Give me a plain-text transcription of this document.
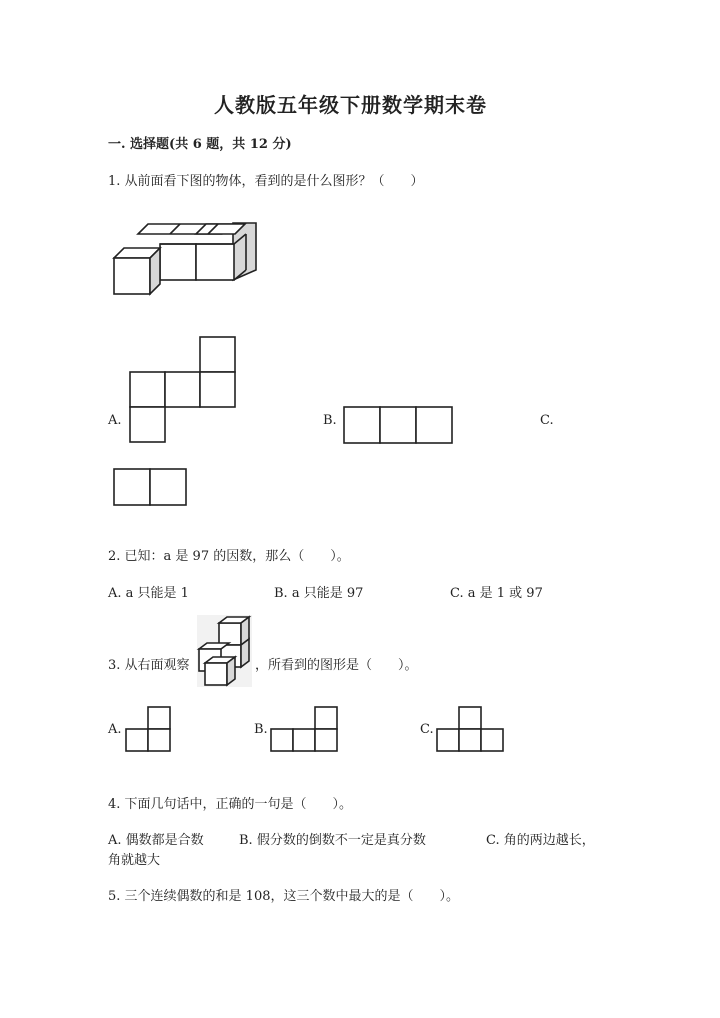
人教版五年级下册数学期末卷
一. 选择题(共 6 题，共 12 分)
1. 从前面看下图的物体，看到的是什么图形？（　　）
A.	B.	C.
2. 已知：a 是 97 的因数，那么（　　）。
A. a 只能是 1	B. a 只能是 97	C. a 是 1 或 97
3. 从右面观察	，所看到的图形是（　　）。
A.	B.	C.
4. 下面几句话中，正确的一句是（　　）。
A. 偶数都是合数	B. 假分数的倒数不一定是真分数	C. 角的两边越长，
角就越大
5. 三个连续偶数的和是 108，这三个数中最大的是（　　）。
